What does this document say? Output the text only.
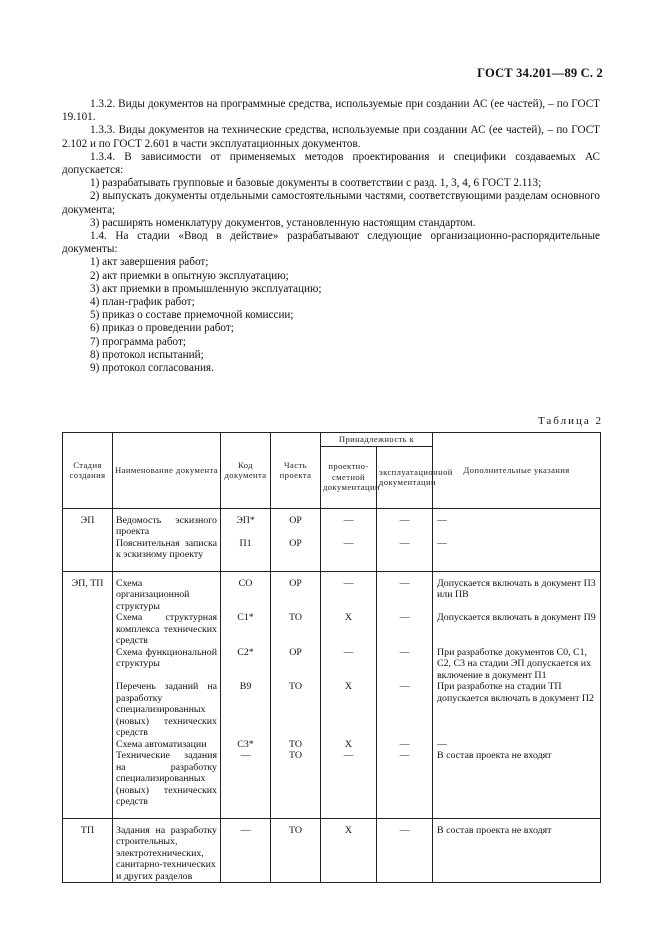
ГОСТ 34.201—89 С. 2

1.3.2. Виды документов на программные средства, используемые при создании АС (ее частей), – по ГОСТ 19.101.

1.3.3. Виды документов на технические средства, используемые при создании АС (ее частей), – по ГОСТ 2.102 и по ГОСТ 2.601 в части эксплуатационных документов.

1.3.4. В зависимости от применяемых методов проектирования и специфики создаваемых АС допускается:

1) разрабатывать групповые и базовые документы в соответствии с разд. 1, 3, 4, 6 ГОСТ 2.113;

2) выпускать документы отдельными самостоятельными частями, соответствующими разделам основного документа;

3) расширять номенклатуру документов, установленную настоящим стандартом.

1.4. На стадии «Ввод в действие» разрабатывают следующие организационно-распорядительные документы:

1) акт завершения работ;

2) акт приемки в опытную эксплуатацию;

3) акт приемки в промышленную эксплуатацию;

4) план-график работ;

5) приказ о составе приемочной комиссии;

6) приказ о проведении работ;

7) программа работ;

8) протокол испытаний;

9) протокол согласования.

Таблица 2
Стадия создания	Наименование документа	Код документа	Часть проекта	Принадлежность к		Дополнительные указания
				проектно-сметной документации	эксплуатационной документации	
ЭП	Ведомость эскизного проекта	ЭП*	ОР	—	—	—
	Пояснительная записка к эскизному проекту	П1	ОР	—	—	—
ЭП, ТП	Схема организационной структуры	СО	ОР	—	—	Допускается включать в документ П3 или ПВ
	Схема структурная комплекса технических средств	С1*	ТО	Х	—	Допускается включать в документ П9
	Схема функциональной структуры	С2*	ОР	—	—	При разработке документов С0, С1, С2, С3 на стадии ЭП допускается их включение в документ П1
	Перечень заданий на разработку специализированных (новых) технических средств	В9	ТО	Х	—	При разработке на стадии ТП допускается включать в документ П2
	Схема автоматизации	С3*	ТО	Х	—	—
	Технические задания на разработку специализированных (новых) технических средств	—	ТО	—	—	В состав проекта не входят
ТП	Задания на разработку строительных, электротехнических, санитарно-технических и других разделов	—	ТО	Х	—	В состав проекта не входят
